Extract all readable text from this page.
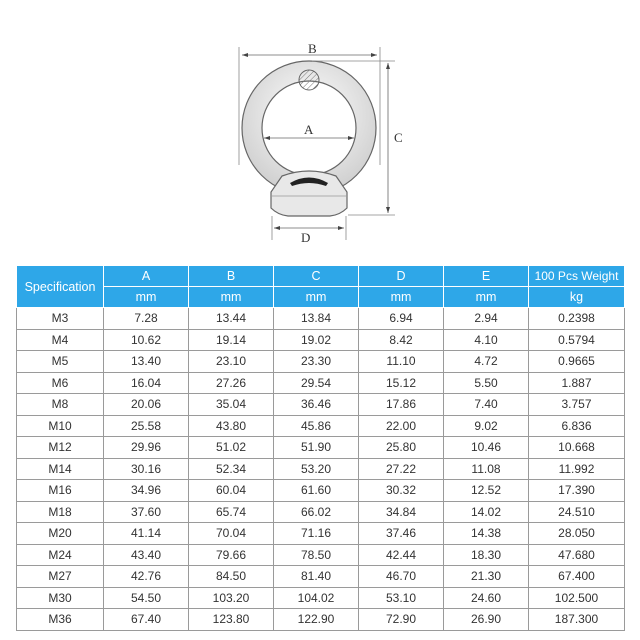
B
A
C
D
Specification	A	B	C	D	E	100 Pcs Weight
	mm	mm	mm	mm	mm	kg
M3	7.28	13.44	13.84	6.94	2.94	0.2398
M4	10.62	19.14	19.02	8.42	4.10	0.5794
M5	13.40	23.10	23.30	11.10	4.72	0.9665
M6	16.04	27.26	29.54	15.12	5.50	1.887
M8	20.06	35.04	36.46	17.86	7.40	3.757
M10	25.58	43.80	45.86	22.00	9.02	6.836
M12	29.96	51.02	51.90	25.80	10.46	10.668
M14	30.16	52.34	53.20	27.22	11.08	11.992
M16	34.96	60.04	61.60	30.32	12.52	17.390
M18	37.60	65.74	66.02	34.84	14.02	24.510
M20	41.14	70.04	71.16	37.46	14.38	28.050
M24	43.40	79.66	78.50	42.44	18.30	47.680
M27	42.76	84.50	81.40	46.70	21.30	67.400
M30	54.50	103.20	104.02	53.10	24.60	102.500
M36	67.40	123.80	122.90	72.90	26.90	187.300
